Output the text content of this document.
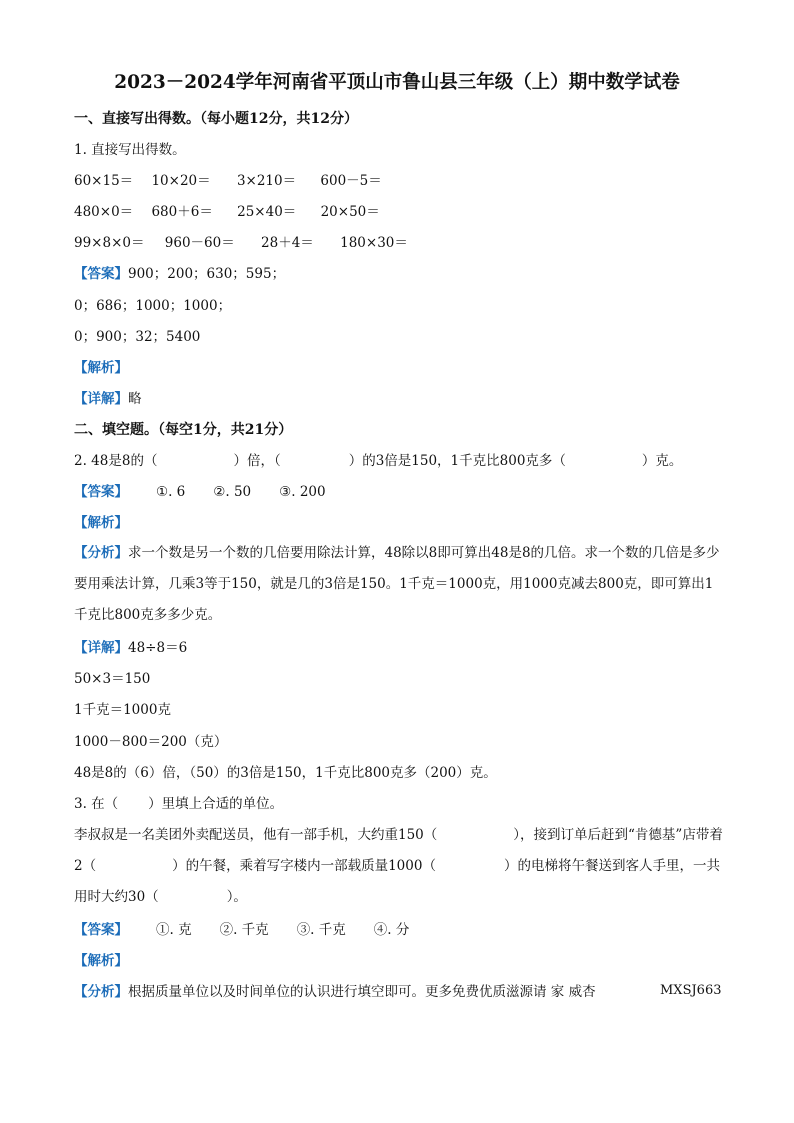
2023－2024学年河南省平顶山市鲁山县三年级（上）期中数学试卷
一、直接写出得数。（每小题12分，共12分）
1. 直接写出得数。
60×15＝ 10×20＝ 3×210＝ 600－5＝
480×0＝ 680＋6＝ 25×40＝ 20×50＝
99×8×0＝ 960－60＝ 28＋4＝ 180×30＝
【答案】900；200；630；595；
0；686；1000；1000；
0；900；32；5400
【解析】
【详解】略
二、填空题。（每空1分，共21分）
2. 48是8的（	）倍，（	）的3倍是150，1千克比800克多（	）克。
【答案】 ①. 6 ②. 50 ③. 200
【解析】
【分析】求一个数是另一个数的几倍要用除法计算，48除以8即可算出48是8的几倍。求一个数的几倍是多少要用乘法计算，几乘3等于150，就是几的3倍是150。1千克＝1000克，用1000克减去800克，即可算出1千克比800克多多少克。
【详解】48÷8＝6
50×3＝150
1千克＝1000克
1000－800＝200（克）
48是8的（6）倍，（50）的3倍是150，1千克比800克多（200）克。
3. 在（ ）里填上合适的单位。
李叔叔是一名美团外卖配送员，他有一部手机，大约重150（	），接到订单后赶到“肯德基”店带着2（	）的午餐，乘着写字楼内一部载质量1000（	）的电梯将午餐送到客人手里，一共用时大约30（	）。
【答案】 ①. 克 ②. 千克 ③. 千克 ④. 分
【解析】
【分析】根据质量单位以及时间单位的认识进行填空即可。更多免费优质滋源请 家 威杏	MXSJ663
